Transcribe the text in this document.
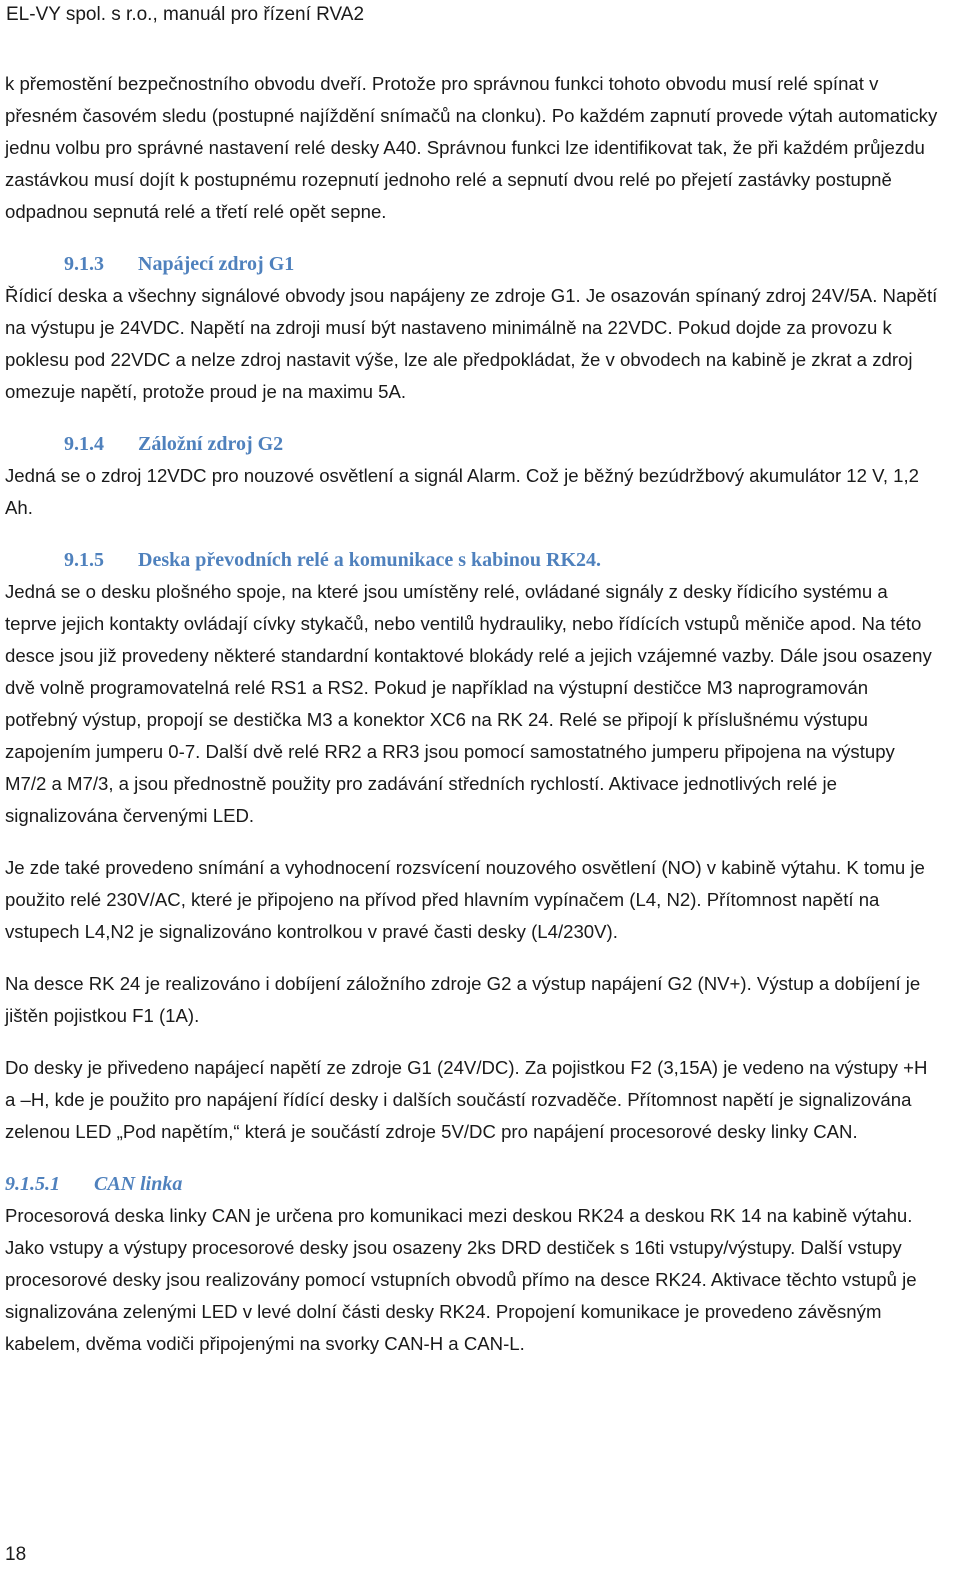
EL-VY spol. s r.o., manuál pro řízení RVA2

k přemostění bezpečnostního obvodu dveří. Protože pro správnou funkci tohoto obvodu musí relé spínat v přesném časovém sledu (postupné najíždění snímačů na clonku). Po každém zapnutí provede výtah automaticky jednu volbu pro správné nastavení relé desky A40. Správnou funkci lze identifikovat tak, že při každém průjezdu zastávkou musí dojít k postupnému rozepnutí jednoho relé a sepnutí dvou relé po přejetí zastávky postupně odpadnou sepnutá relé a třetí relé opět sepne.

9.1.3 Napájecí zdroj G1

Řídicí deska a všechny signálové obvody jsou napájeny ze zdroje G1. Je osazován spínaný zdroj 24V/5A. Napětí na výstupu je 24VDC. Napětí na zdroji musí být nastaveno minimálně na 22VDC. Pokud dojde za provozu k poklesu pod 22VDC a nelze zdroj nastavit výše, lze ale předpokládat, že v obvodech na kabině je zkrat a zdroj omezuje napětí, protože proud je na maximu 5A.

9.1.4 Záložní zdroj G2

Jedná se o zdroj 12VDC pro nouzové osvětlení a signál Alarm. Což je běžný bezúdržbový akumulátor 12 V, 1,2 Ah.

9.1.5 Deska převodních relé a komunikace s kabinou RK24.

Jedná se o desku plošného spoje, na které jsou umístěny relé, ovládané signály z desky řídicího systému a teprve jejich kontakty ovládají cívky stykačů, nebo ventilů hydrauliky, nebo řídících vstupů měniče apod. Na této desce jsou již provedeny některé standardní kontaktové blokády relé a jejich vzájemné vazby. Dále jsou osazeny dvě volně programovatelná relé RS1 a RS2. Pokud je například na výstupní destičce M3 naprogramován potřebný výstup, propojí se destička M3 a konektor XC6 na RK 24. Relé se připojí k příslušnému výstupu zapojením jumperu 0-7. Další dvě relé RR2 a RR3 jsou pomocí samostatného jumperu připojena na výstupy M7/2 a M7/3, a jsou přednostně použity pro zadávání středních rychlostí. Aktivace jednotlivých relé je signalizována červenými LED.

Je zde také provedeno snímání a vyhodnocení rozsvícení nouzového osvětlení (NO) v kabině výtahu. K tomu je použito relé 230V/AC, které je připojeno na přívod před hlavním vypínačem (L4, N2). Přítomnost napětí na vstupech L4,N2 je signalizováno kontrolkou v pravé časti desky (L4/230V).

Na desce RK 24 je realizováno i dobíjení záložního zdroje G2 a výstup napájení G2 (NV+). Výstup a dobíjení je jištěn pojistkou F1 (1A).

Do desky je přivedeno napájecí napětí ze zdroje G1 (24V/DC). Za pojistkou F2 (3,15A) je vedeno na výstupy +H a –H, kde je použito pro napájení řídící desky i dalších součástí rozvaděče. Přítomnost napětí je signalizována zelenou LED „Pod napětím,“ která je součástí zdroje 5V/DC pro napájení procesorové desky linky CAN.

9.1.5.1 CAN linka

Procesorová deska linky CAN je určena pro komunikaci mezi deskou RK24 a deskou RK 14 na kabině výtahu. Jako vstupy a výstupy procesorové desky jsou osazeny 2ks DRD destiček s 16ti vstupy/výstupy. Další vstupy procesorové desky jsou realizovány pomocí vstupních obvodů přímo na desce RK24. Aktivace těchto vstupů je signalizována zelenými LED v levé dolní části desky RK24. Propojení komunikace je provedeno závěsným kabelem, dvěma vodiči připojenými na svorky CAN-H a CAN-L.

18
